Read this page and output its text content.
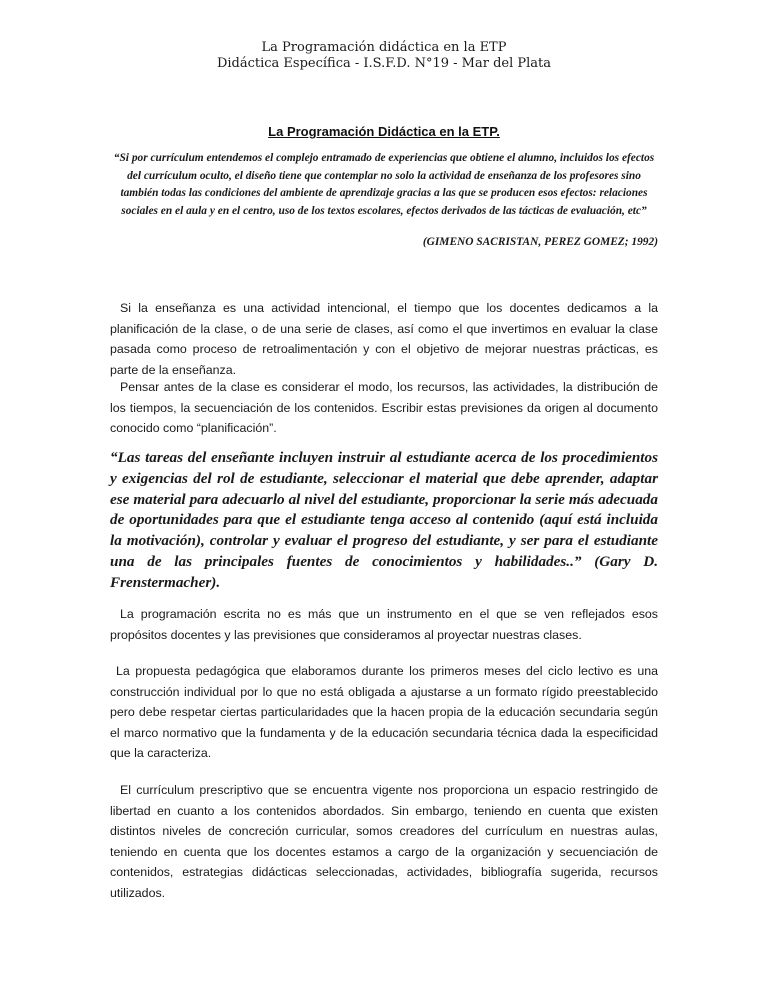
La Programación didáctica en la ETP
Didáctica Específica - I.S.F.D. N°19 - Mar del Plata
La Programación Didáctica en la ETP.
“Si por currículum entendemos el complejo entramado de experiencias que obtiene el alumno, incluidos los efectos del currículum oculto, el diseño tiene que contemplar no solo la actividad de enseñanza de los profesores sino también todas las condiciones del ambiente de aprendizaje gracias a las que se producen esos efectos: relaciones sociales en el aula y en el centro, uso de los textos escolares, efectos derivados de las tácticas de evaluación, etc”
(GIMENO SACRISTAN, PEREZ GOMEZ; 1992)
Si la enseñanza es una actividad intencional, el tiempo que los docentes dedicamos a la planificación de la clase, o de una serie de clases, así como el que invertimos en evaluar la clase pasada como proceso de retroalimentación y con el objetivo de mejorar nuestras prácticas, es parte de la enseñanza.
Pensar antes de la clase es considerar el modo, los recursos, las actividades, la distribución de los tiempos, la secuenciación de los contenidos. Escribir estas previsiones da origen al documento conocido como “planificación”.
“Las tareas del enseñante incluyen instruir al estudiante acerca de los procedimientos y exigencias del rol de estudiante, seleccionar el material que debe aprender, adaptar ese material para adecuarlo al nivel del estudiante, proporcionar la serie más adecuada de oportunidades para que el estudiante tenga acceso al contenido (aquí está incluida la motivación), controlar y evaluar el progreso del estudiante, y ser para el estudiante una de las principales fuentes de conocimientos y habilidades..” (Gary D. Frenstermacher).
La programación escrita no es más que un instrumento en el que se ven reflejados esos propósitos docentes y las previsiones que consideramos al proyectar nuestras clases.
La propuesta pedagógica que elaboramos durante los primeros meses del ciclo lectivo es una construcción individual por lo que no está obligada a ajustarse a un formato rígido preestablecido pero debe respetar ciertas particularidades que la hacen propia de la educación secundaria según el marco normativo que la fundamenta y de la educación secundaria técnica dada la especificidad que la caracteriza.
El currículum prescriptivo que se encuentra vigente nos proporciona un espacio restringido de libertad en cuanto a los contenidos abordados. Sin embargo, teniendo en cuenta que existen distintos niveles de concreción curricular, somos creadores del currículum en nuestras aulas, teniendo en cuenta que los docentes estamos a cargo de la organización y secuenciación de contenidos, estrategias didácticas seleccionadas, actividades, bibliografía sugerida, recursos utilizados.
